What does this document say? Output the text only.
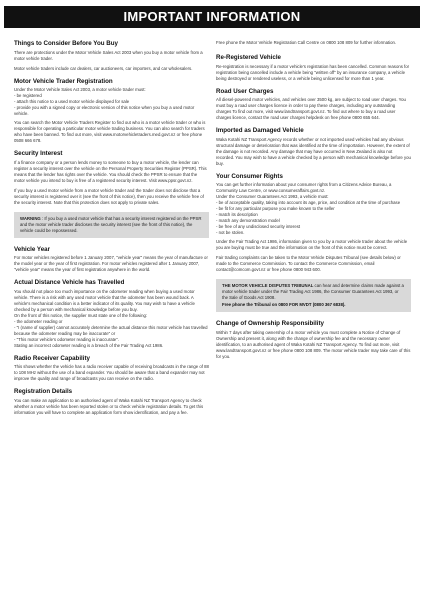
IMPORTANT INFORMATION
Things to Consider Before You Buy

There are protections under the Motor Vehicle Sales Act 2003 when you buy a motor vehicle from a motor vehicle trader.

Motor vehicle traders include car dealers, car auctioneers, car importers, and car wholesalers.

Motor Vehicle Trader Registration

Under the Motor Vehicle Sales Act 2003, a motor vehicle trader must:

- be registered
- attach this notice to a used motor vehicle displayed for sale
- provide you with a signed copy or electronic version of this notice when you buy a used motor vehicle.

You can search the Motor Vehicle Traders Register to find out who is a motor vehicle trader or who is responsible for operating a particular motor vehicle trading business. You can also search for traders who have been banned. To find out more, visit www.motorvehicletraders.med.govt.nz or free phone 0508 666 678.

Security Interest

If a finance company or a person lends money to someone to buy a motor vehicle, the lender can register a security interest over the vehicle on the Personal Property Securities Register (PPSR). This means that the lender has rights over the vehicle. You should check the PPSR to ensure that the motor vehicle you intend to buy is free of a registered security interest. Visit www.ppsr.govt.nz.

If you buy a used motor vehicle from a motor vehicle trader and the trader does not disclose that a security interest is registered over it (see the front of this notice), then you receive the vehicle free of the security interest. Note that this protection does not apply to private sales.

WARNING : If you buy a used motor vehicle that has a security interest registered on the PPSR and the motor vehicle trader discloses the security interest (see the front of this notice), the vehicle could be repossessed.

Vehicle Year

For motor vehicles registered before 1 January 2007, "vehicle year" means the year of manufacture or the model year or the year of first registration. For motor vehicles registered after 1 January 2007, "vehicle year" means the year of first registration anywhere in the world.

Actual Distance Vehicle has Travelled

You should not place too much importance on the odometer reading when buying a used motor vehicle. There is a risk with any used motor vehicle that the odometer has been wound back. A vehicle's mechanical condition is a better indicator of its quality. You may wish to have a vehicle checked by a person with mechanical knowledge before you buy.

On the front of this notice, the supplier must state one of the following:

- the odometer reading or
- "I (name of supplier) cannot accurately determine the actual distance this motor vehicle has travelled because the odometer reading may be inaccurate" or
- "This motor vehicle's odometer reading is inaccurate".

Stating an incorrect odometer reading is a breach of the Fair Trading Act 1986.

Radio Receiver Capability

This shows whether the vehicle has a radio receiver capable of receiving broadcasts in the range of 88 to 108 MHz without the use of a band expander. You should be aware that a band expander may not improve the quality and range of broadcasts you can receive on the radio.

Registration Details

You can make an application to an authorised agent of Waka Kotahi NZ Transport Agency to check whether a motor vehicle has been reported stolen or to check vehicle registration details. To get this information you will have to complete an application form show identification, and pay a fee.

Free phone the Motor Vehicle Registration Call Centre on 0800 108 809 for further information.

Re-Registered Vehicle

Re-registration is necessary if a motor vehicle's registration has been cancelled. Common reasons for registration being cancelled include a vehicle being "written off" by an insurance company, a vehicle being destroyed or rendered useless, or a vehicle being unlicensed for more than 1 year.

Road User Charges

All diesel-powered motor vehicles, and vehicles over 3500 kg, are subject to road user charges. You must buy a road user charges licence in order to pay these charges, including any outstanding charges To find out more, visit www.landtransport.govt.nz. To find out where to buy a road user charges licence, contact the road user charges helpdesk on free phone 0800 655 644.

Imported as Damaged Vehicle

Waka Kotahi NZ Transport Agency records whether or not imported used vehicles had any obvious structural damage or deterioration that was identified at the time of importation. However, the extent of the damage is not recorded. Any damage that may have occurred in New Zealand is also not recorded. You may wish to have a vehicle checked by a person with mechanical knowledge before you buy.

Your Consumer Rights

You can get further information about your consumer rights from a Citizens Advice Bureau, a Community Law Centre, or www.consumeraffairs.govt.nz.

Under the Consumer Guarantees Act 1993, a vehicle must:

- be of acceptable quality, taking into account its age, price, and condition at the time of purchase
- be fit for any particular purpose you make known to the seller
- match its description
- match any demonstration model
- be free of any undisclosed security interest
- not be stolen.

Under the Fair Trading Act 1986, information given to you by a motor vehicle trader about the vehicle you are buying must be true and the information on the front of this notice must be correct.

Fair trading complaints can be taken to the Motor Vehicle Disputes Tribunal (see details below) or made to the Commerce Commission. To contact the Commerce Commission, email contact@comcom.govt.nz or free phone 0800 943 600.

THE MOTOR VEHICLE DISPUTES TRIBUNAL can hear and determine claims made against a motor vehicle trader under the Fair Trading Act 1986, the Consumer Guarantees Act 1993, or the Sale of Goods Act 1908.

Free phone the Tribunal on 0800 FOR MVDT (0800 367 6838).

Change of Ownership Responsibility

Within 7 days after taking ownership of a motor vehicle you must complete a Notice of Change of Ownership and present it, along with the change of ownership fee and the necessary owner identification, to an authorised agent of Waka Kotahi NZ Transport Agency. To find out more, visit www.landtransport.govt.nz or free phone 0800 108 809. The motor vehicle trader may take care of this for you.
